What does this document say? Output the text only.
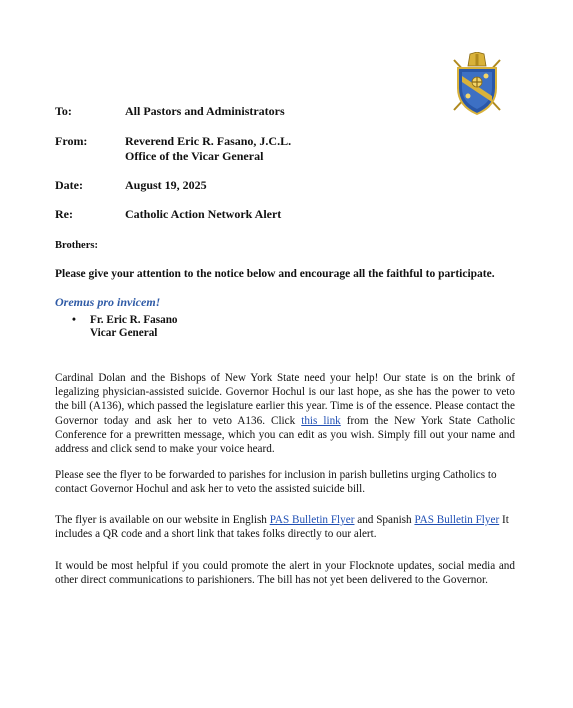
To:	All Pastors and Administrators
From:	Reverend Eric R. Fasano, J.C.L.
Office of the Vicar General
Date:	August 19, 2025
Re:	Catholic Action Network Alert
Brothers:
Please give your attention to the notice below and encourage all the faithful to participate.
Oremus pro invicem!
• Fr. Eric R. Fasano
Vicar General
Cardinal Dolan and the Bishops of New York State need your help! Our state is on the brink of legalizing physician-assisted suicide. Governor Hochul is our last hope, as she has the power to veto the bill (A136), which passed the legislature earlier this year. Time is of the essence. Please contact the Governor today and ask her to veto A136. Click this link from the New York State Catholic Conference for a prewritten message, which you can edit as you wish. Simply fill out your name and address and click send to make your voice heard.
Please see the flyer to be forwarded to parishes for inclusion in parish bulletins urging Catholics to contact Governor Hochul and ask her to veto the assisted suicide bill.
The flyer is available on our website in English PAS Bulletin Flyer and Spanish PAS Bulletin Flyer It includes a QR code and a short link that takes folks directly to our alert.
It would be most helpful if you could promote the alert in your Flocknote updates, social media and other direct communications to parishioners. The bill has not yet been delivered to the Governor.
